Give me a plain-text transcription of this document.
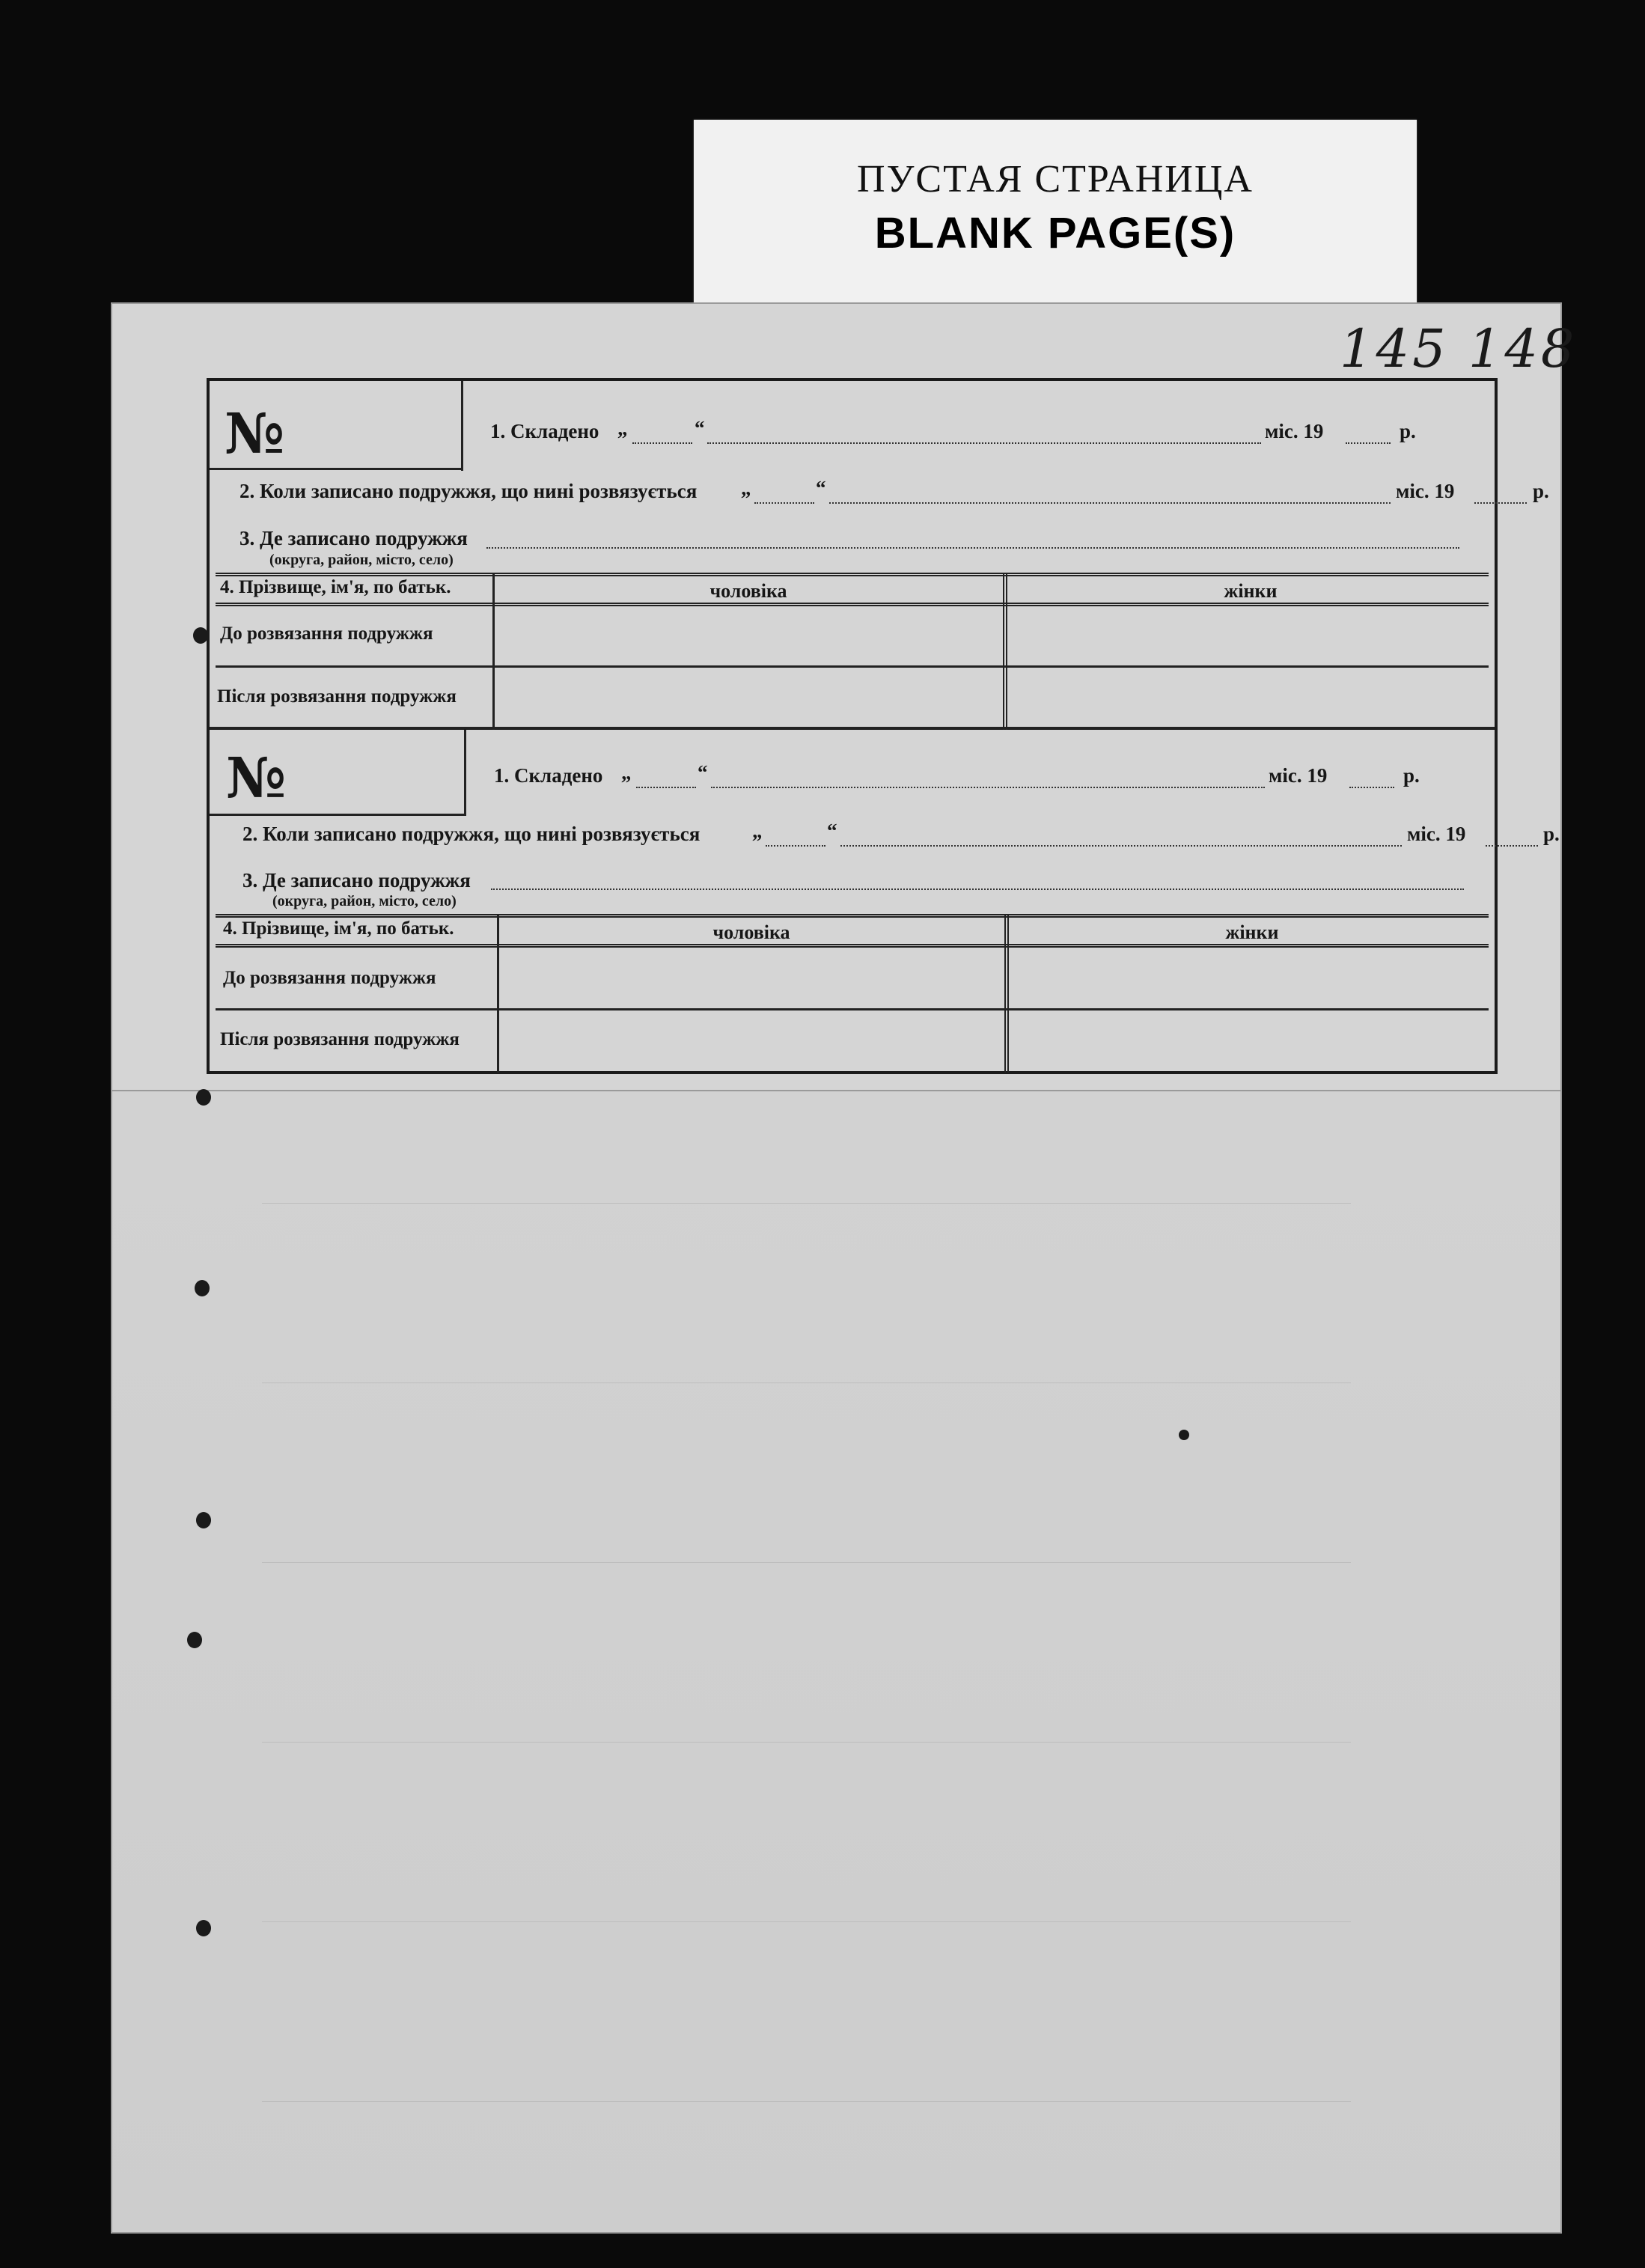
ПУСТАЯ СТРАНИЦА
BLANK PAGE(S)
145 148
№	1. Складено „	“	міс. 19	р.
2. Коли записано подружжя, що нині розвязується „	“	міс. 19	р.
3. Де записано подружжя
(округа, район, місто, село)
4. Прізвище, ім'я, по батьк.	чоловіка	жінки
До розвязання подружжя
Після розвязання подружжя
№	1. Складено „	“	міс. 19	р.
2. Коли записано подружжя, що нині розвязується	„	“	міс. 19	р.
3. Де записано подружжя
(округа, район, місто, село)
4. Прізвище, ім'я, по батьк.	чоловіка	жінки
До розвязання подружжя
Після розвязання подружжя
